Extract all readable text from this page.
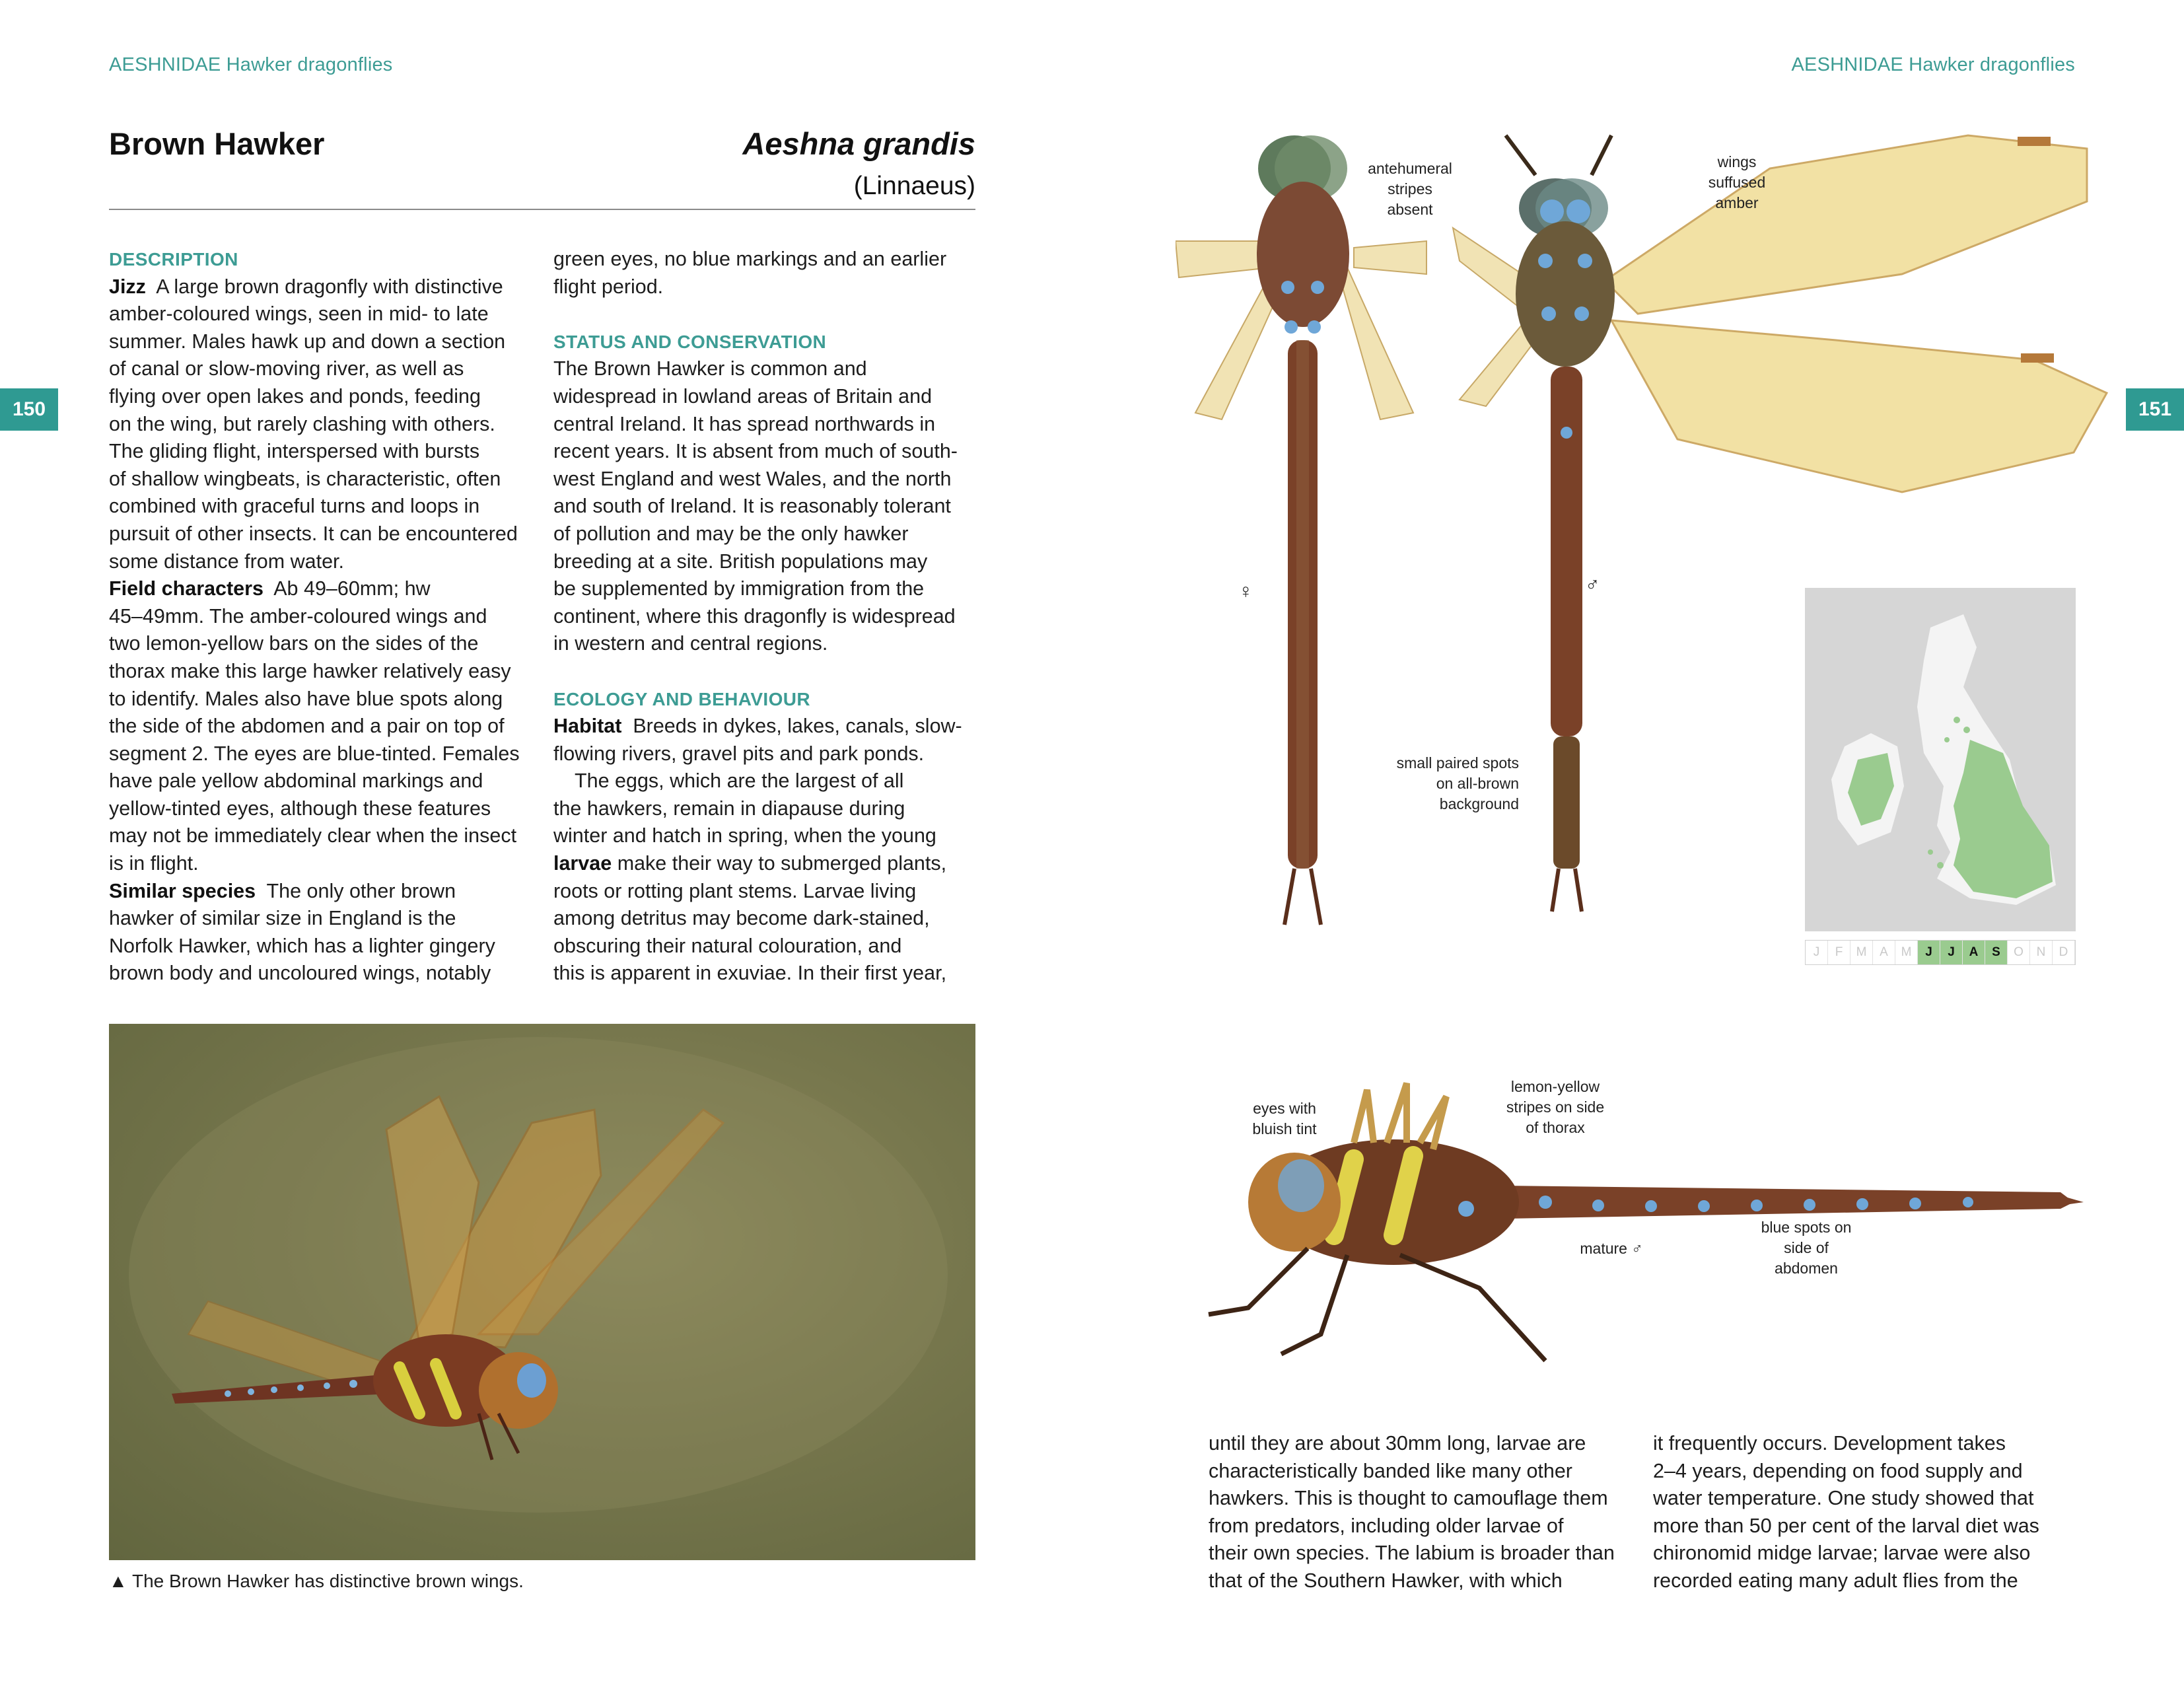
AESHNIDAE Hawker dragonflies	AESHNIDAE Hawker dragonflies
150	151
Brown Hawker	Aeshna grandis
(Linnaeus)

DESCRIPTION

Jizz A large brown dragonfly with distinctive

amber-coloured wings, seen in mid- to late

summer. Males hawk up and down a section

of canal or slow-moving river, as well as

flying over open lakes and ponds, feeding

on the wing, but rarely clashing with others.

The gliding flight, interspersed with bursts

of shallow wingbeats, is characteristic, often

combined with graceful turns and loops in

pursuit of other insects. It can be encountered

some distance from water.

Field characters Ab 49–60mm; hw

45–49mm. The amber-coloured wings and

two lemon-yellow bars on the sides of the

thorax make this large hawker relatively easy

to identify. Males also have blue spots along

the side of the abdomen and a pair on top of

segment 2. The eyes are blue-tinted. Females

have pale yellow abdominal markings and

yellow-tinted eyes, although these features

may not be immediately clear when the insect

is in flight.

Similar species The only other brown

hawker of similar size in England is the

Norfolk Hawker, which has a lighter gingery

brown body and uncoloured wings, notably

green eyes, no blue markings and an earlier

flight period.

STATUS AND CONSERVATION

The Brown Hawker is common and

widespread in lowland areas of Britain and

central Ireland. It has spread northwards in

recent years. It is absent from much of south-

west England and west Wales, and the north

and south of Ireland. It is reasonably tolerant

of pollution and may be the only hawker

breeding at a site. British populations may

be supplemented by immigration from the

continent, where this dragonfly is widespread

in western and central regions.

ECOLOGY AND BEHAVIOUR

Habitat Breeds in dykes, lakes, canals, slow-

flowing rivers, gravel pits and park ponds.

The eggs, which are the largest of all

the hawkers, remain in diapause during

winter and hatch in spring, when the young

larvae make their way to submerged plants,

roots or rotting plant stems. Larvae living

among detritus may become dark-stained,

obscuring their natural colouration, and

this is apparent in exuviae. In their first year,

▲ The Brown Hawker has distinctive brown wings.
antehumeral
stripes
absent
wings
suffused
amber
♀	♂
small paired spots
on all-brown
background
J	F	M	A	M	J	J	A	S	O	N	D
eyes with
bluish tint
lemon-yellow
stripes on side
of thorax
mature ♂
blue spots on
side of
abdomen

until they are about 30mm long, larvae are

characteristically banded like many other

hawkers. This is thought to camouflage them

from predators, including older larvae of

their own species. The labium is broader than

that of the Southern Hawker, with which

it frequently occurs. Development takes

2–4 years, depending on food supply and

water temperature. One study showed that

more than 50 per cent of the larval diet was

chironomid midge larvae; larvae were also

recorded eating many adult flies from the
